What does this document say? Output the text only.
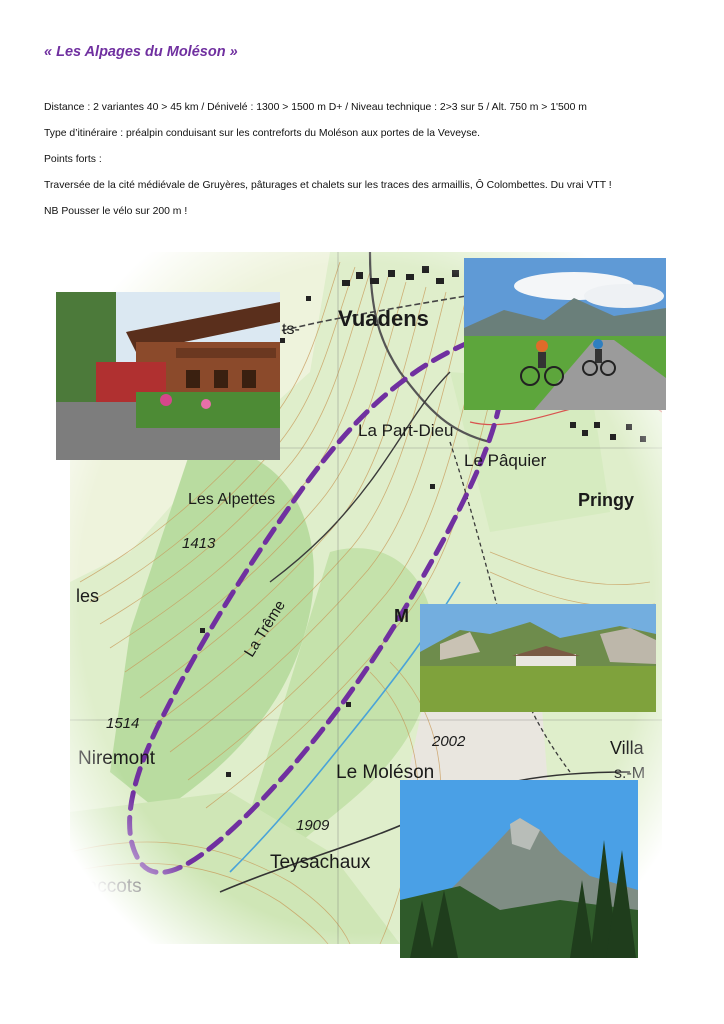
« Les Alpages du Moléson »

Distance : 2 variantes 40 > 45 km / Dénivelé : 1300 > 1500 m D+ / Niveau technique : 2>3 sur 5 / Alt. 750 m > 1'500 m

Type d’itinéraire : préalpin conduisant sur les contreforts du Moléson aux portes de la Veveyse.

Points forts :

Traversée de la cité médiévale de Gruyères, pâturages et chalets sur les traces des armaillis, Ô Colombettes. Du vrai VTT !

NB Pousser le vélo sur 200 m !
